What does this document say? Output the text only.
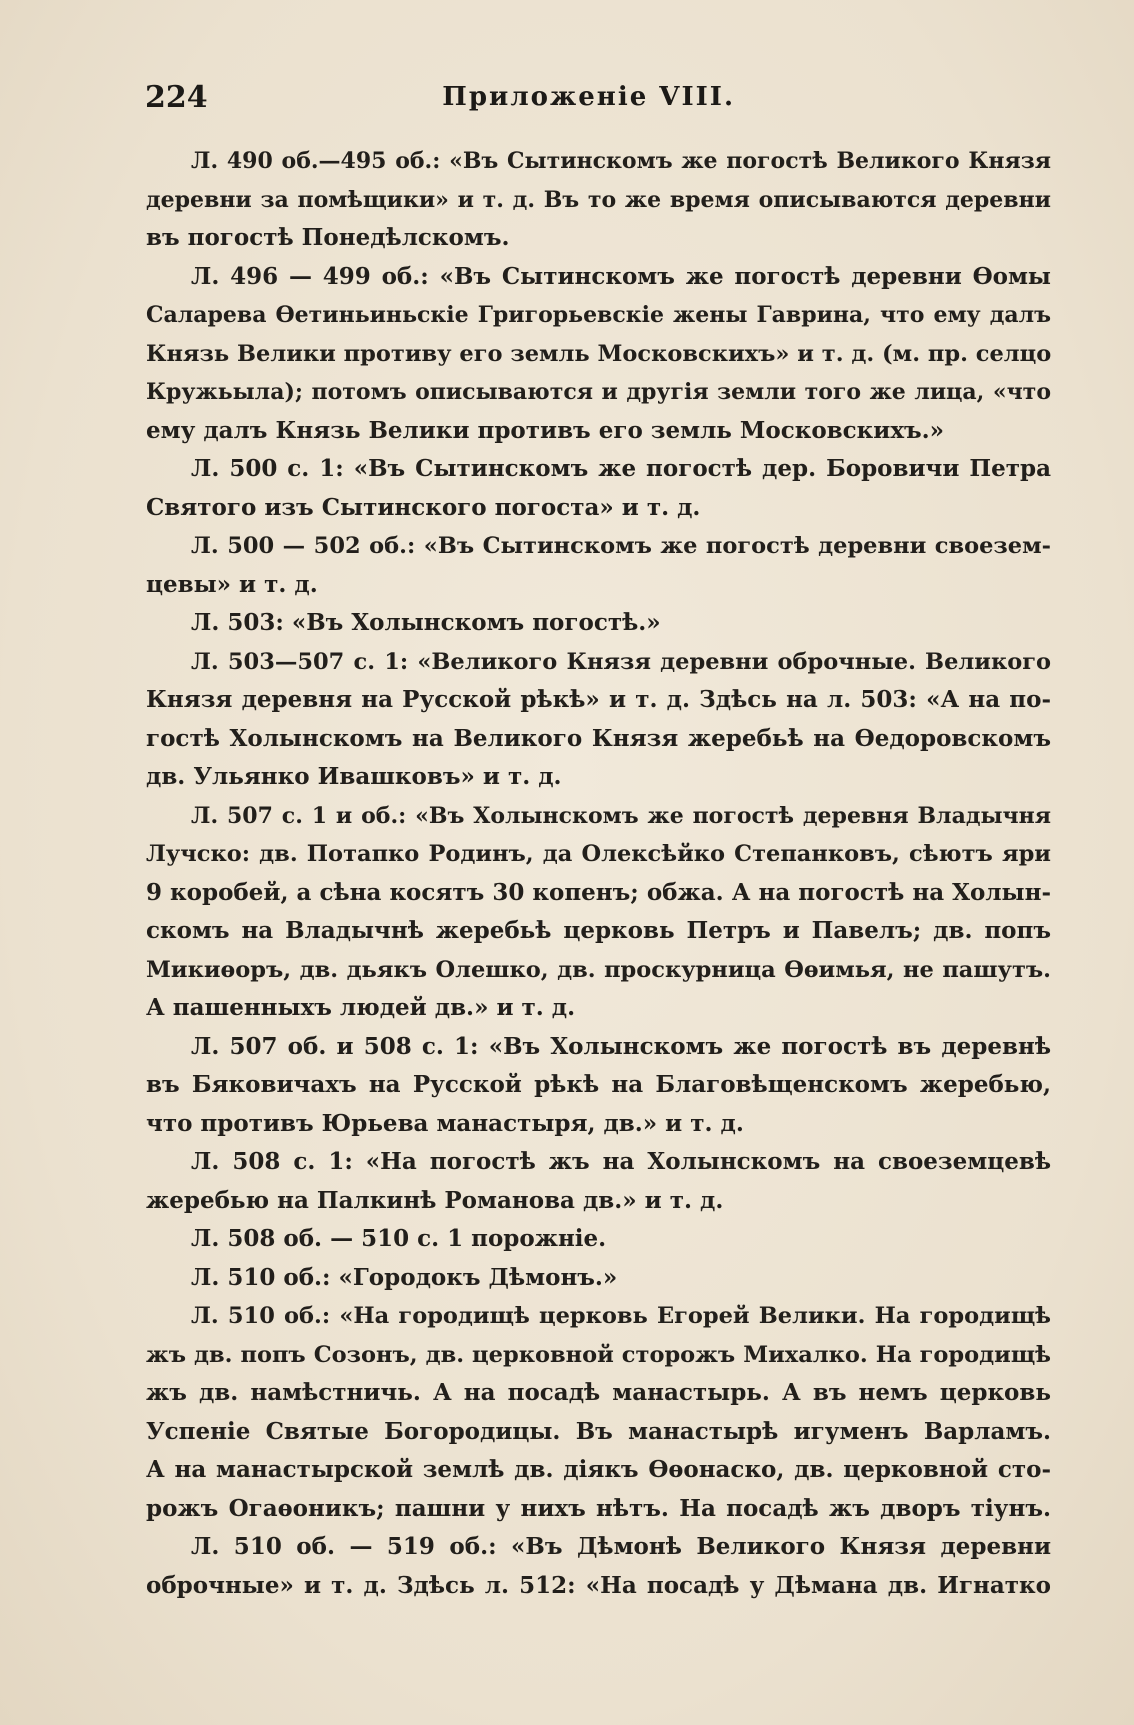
224	Приложеніе VIII.
Л. 490 об.—495 об.: «Въ Сытинскомъ же погостѣ Великого Князя
деревни за помѣщики» и т. д. Въ то же время описываются деревни
въ погостѣ Понедѣлскомъ.
Л. 496 — 499 об.: «Въ Сытинскомъ же погостѣ деревни Ѳомы
Саларева Ѳетиньиньскіе Григорьевскіе жены Гаврина, что ему далъ
Князь Велики противу его земль Московскихъ» и т. д. (м. пр. селцо
Кружьыла); потомъ описываются и другія земли того же лица, «что
ему далъ Князь Велики противъ его земль Московскихъ.»
Л. 500 с. 1: «Въ Сытинскомъ же погостѣ дер. Боровичи Петра
Святого изъ Сытинского погоста» и т. д.
Л. 500 — 502 об.: «Въ Сытинскомъ же погостѣ деревни своезем-
цевы» и т. д.
Л. 503: «Въ Холынскомъ погостѣ.»
Л. 503—507 с. 1: «Великого Князя деревни оброчные. Великого
Князя деревня на Русской рѣкѣ» и т. д. Здѣсь на л. 503: «А на по-
гостѣ Холынскомъ на Великого Князя жеребьѣ на Ѳедоровскомъ
дв. Ульянко Ивашковъ» и т. д.
Л. 507 с. 1 и об.: «Въ Холынскомъ же погостѣ деревня Владычня
Лучско: дв. Потапко Родинъ, да Олексѣйко Степанковъ, сѣютъ яри
9 коробей, а сѣна косятъ 30 копенъ; обжа. А на погостѣ на Холын-
скомъ на Владычнѣ жеребьѣ церковь Петръ и Павелъ; дв. попъ
Микиѳоръ, дв. дьякъ Олешко, дв. проскурница Ѳѳимья, не пашутъ.
А пашенныхъ людей дв.» и т. д.
Л. 507 об. и 508 с. 1: «Въ Холынскомъ же погостѣ въ деревнѣ
въ Бяковичахъ на Русской рѣкѣ на Благовѣщенскомъ жеребью,
что противъ Юрьева манастыря, дв.» и т. д.
Л. 508 с. 1: «На погостѣ жъ на Холынскомъ на своеземцевѣ
жеребью на Палкинѣ Романова дв.» и т. д.
Л. 508 об. — 510 с. 1 порожніе.
Л. 510 об.: «Городокъ Дѣмонъ.»
Л. 510 об.: «На городищѣ церковь Егорей Велики. На городищѣ
жъ дв. попъ Созонъ, дв. церковной сторожъ Михалко. На городищѣ
жъ дв. намѣстничь. А на посадѣ манастырь. А въ немъ церковь
Успеніе Святые Богородицы. Въ манастырѣ игуменъ Варламъ.
А на манастырской землѣ дв. діякъ Ѳѳонаско, дв. церковной сто-
рожъ Огаѳоникъ; пашни у нихъ нѣтъ. На посадѣ жъ дворъ тіунъ.
Л. 510 об. — 519 об.: «Въ Дѣмонѣ Великого Князя деревни
оброчные» и т. д. Здѣсь л. 512: «На посадѣ у Дѣмана дв. Игнатко
